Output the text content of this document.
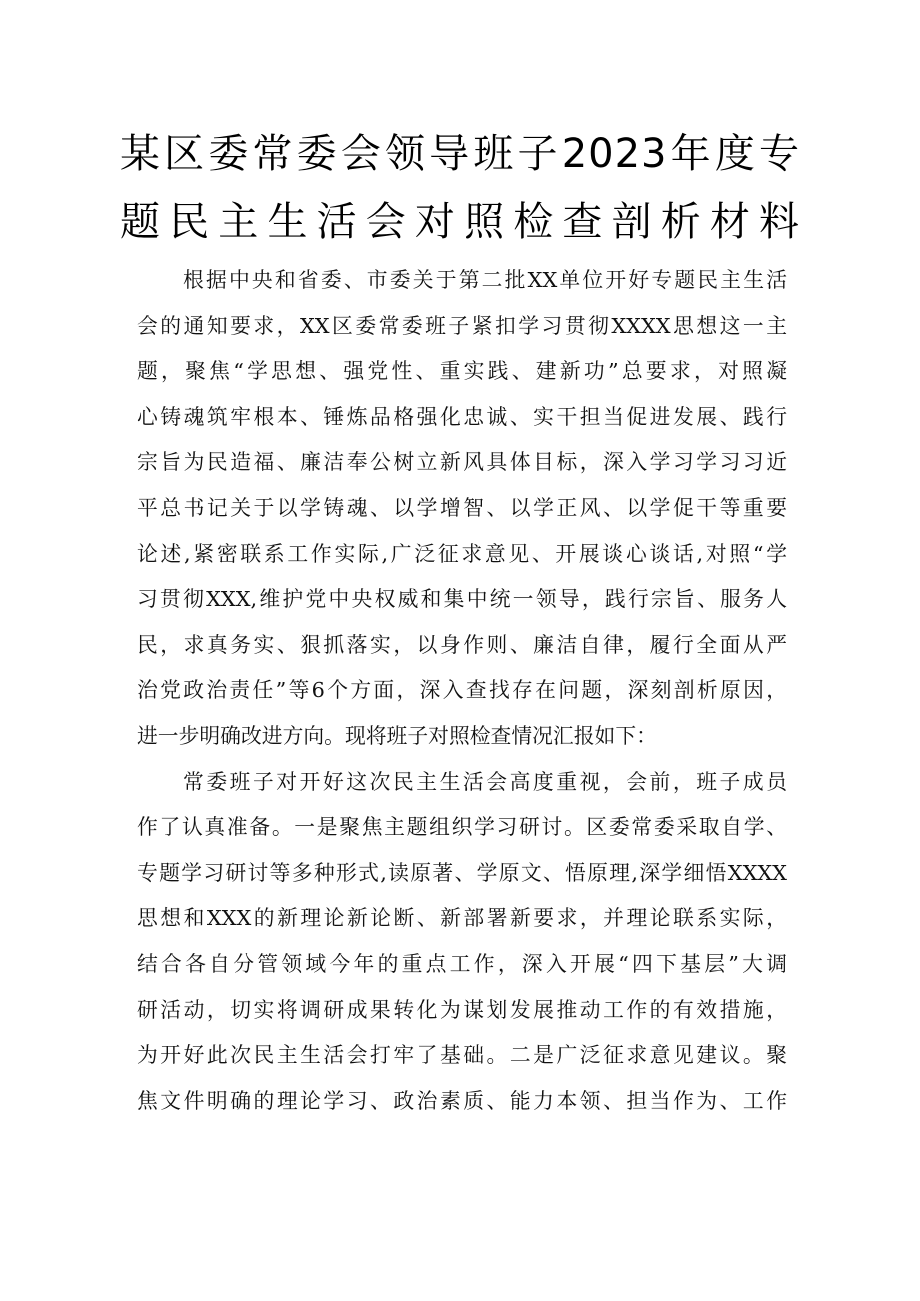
某区委常委会领导班子2023年度专
题民主生活会对照检查剖析材料
根据中央和省委、市委关于第二批XX单位开好专题民主生活
会的通知要求，XX区委常委班子紧扣学习贯彻XXXX思想这一主
题，聚焦“学思想、强党性、重实践、建新功”总要求，对照凝
心铸魂筑牢根本、锤炼品格强化忠诚、实干担当促进发展、践行
宗旨为民造福、廉洁奉公树立新风具体目标，深入学习学习习近
平总书记关于以学铸魂、以学增智、以学正风、以学促干等重要
论述,紧密联系工作实际,广泛征求意见、开展谈心谈话,对照“学
习贯彻XXX,维护党中央权威和集中统一领导，践行宗旨、服务人
民，求真务实、狠抓落实，以身作则、廉洁自律，履行全面从严
治党政治责任”等6个方面，深入查找存在问题，深刻剖析原因，
进一步明确改进方向。现将班子对照检查情况汇报如下：
常委班子对开好这次民主生活会高度重视，会前，班子成员
作了认真准备。一是聚焦主题组织学习研讨。区委常委采取自学、
专题学习研讨等多种形式,读原著、学原文、悟原理,深学细悟XXXX
思想和XXX的新理论新论断、新部署新要求，并理论联系实际，
结合各自分管领域今年的重点工作，深入开展“四下基层”大调
研活动，切实将调研成果转化为谋划发展推动工作的有效措施，
为开好此次民主生活会打牢了基础。二是广泛征求意见建议。聚
焦文件明确的理论学习、政治素质、能力本领、担当作为、工作
